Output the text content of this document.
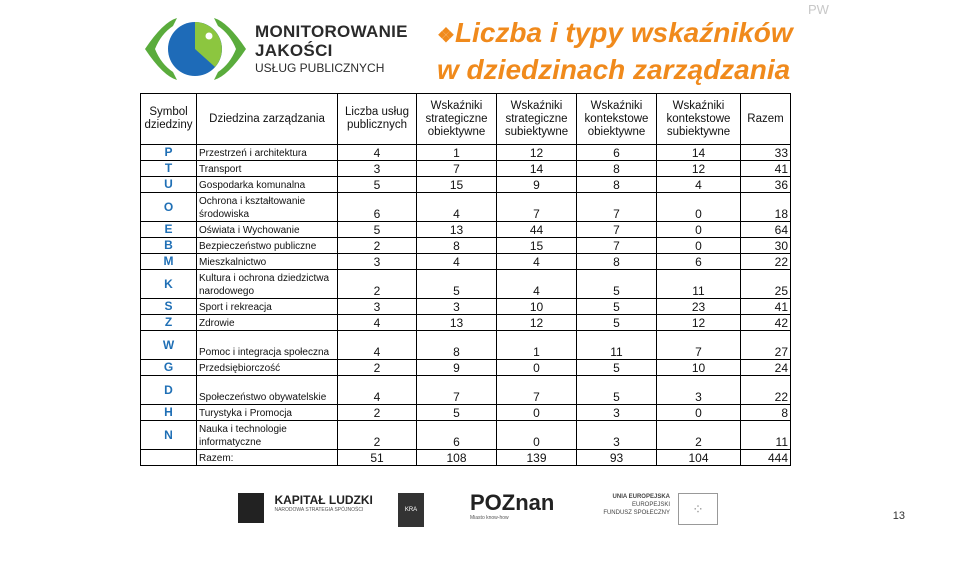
MONITOROWANIE
JAKOŚCI
USŁUG PUBLICZNYCH
❖Liczba i typy wskaźników
w dziedzinach zarządzania
PW
Symbol dziedziny	Dziedzina zarządzania	Liczba usług publicznych	Wskaźniki strategiczne obiektywne	Wskaźniki strategiczne subiektywne	Wskaźniki kontekstowe obiektywne	Wskaźniki kontekstowe subiektywne	Razem
P	Przestrzeń i architektura	4	1	12	6	14	33
T	Transport	3	7	14	8	12	41
U	Gospodarka komunalna	5	15	9	8	4	36
O	Ochrona i kształtowanie środowiska	6	4	7	7	0	18
E	Oświata i Wychowanie	5	13	44	7	0	64
B	Bezpieczeństwo publiczne	2	8	15	7	0	30
M	Mieszkalnictwo	3	4	4	8	6	22
K	Kultura i ochrona dziedzictwa narodowego	2	5	4	5	11	25
S	Sport i rekreacja	3	3	10	5	23	41
Z	Zdrowie	4	13	12	5	12	42
W	Pomoc i integracja społeczna	4	8	1	11	7	27
G	Przedsiębiorczość	2	9	0	5	10	24
D	Społeczeństwo obywatelskie	4	7	7	5	3	22
H	Turystyka i Promocja	2	5	0	3	0	8
N	Nauka i technologie informatyczne	2	6	0	3	2	11
	Razem:	51	108	139	93	104	444

KAPITAŁ LUDZKI
NARODOWA STRATEGIA SPÓJNOŚCI	KRA KÓW
POZnan
Miasto know-how
UNIA EUROPEJSKA
EUROPEJSKI
FUNDUSZ SPOŁECZNY	⁘	13
